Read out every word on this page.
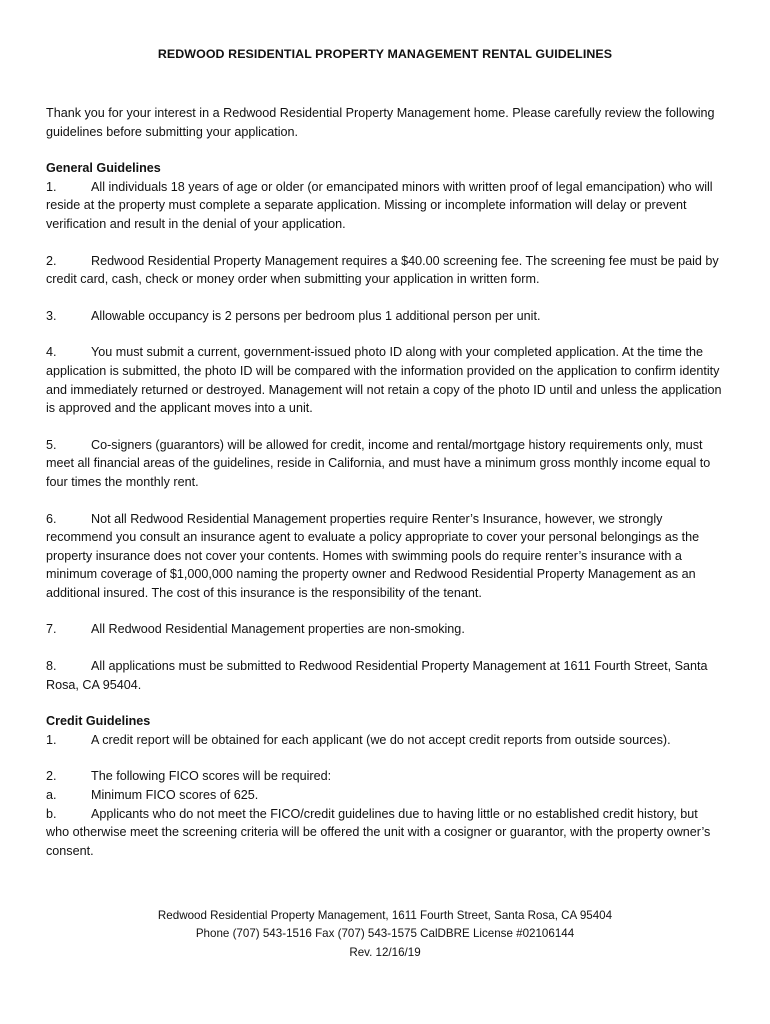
REDWOOD RESIDENTIAL PROPERTY MANAGEMENT RENTAL GUIDELINES

Thank you for your interest in a Redwood Residential Property Management home. Please carefully review the following guidelines before submitting your application.

General Guidelines

1.	All individuals 18 years of age or older (or emancipated minors with written proof of legal emancipation) who will reside at the property must complete a separate application. Missing or incomplete information will delay or prevent verification and result in the denial of your application.

2.	Redwood Residential Property Management requires a $40.00 screening fee. The screening fee must be paid by credit card, cash, check or money order when submitting your application in written form.

3.	Allowable occupancy is 2 persons per bedroom plus 1 additional person per unit.

4.	You must submit a current, government-issued photo ID along with your completed application. At the time the application is submitted, the photo ID will be compared with the information provided on the application to confirm identity and immediately returned or destroyed. Management will not retain a copy of the photo ID until and unless the application is approved and the applicant moves into a unit.

5.	Co-signers (guarantors) will be allowed for credit, income and rental/mortgage history requirements only, must meet all financial areas of the guidelines, reside in California, and must have a minimum gross monthly income equal to four times the monthly rent.

6.	Not all Redwood Residential Management properties require Renter’s Insurance, however, we strongly recommend you consult an insurance agent to evaluate a policy appropriate to cover your personal belongings as the property insurance does not cover your contents. Homes with swimming pools do require renter’s insurance with a minimum coverage of $1,000,000 naming the property owner and Redwood Residential Property Management as an additional insured. The cost of this insurance is the responsibility of the tenant.

7.	All Redwood Residential Management properties are non-smoking.

8.	All applications must be submitted to Redwood Residential Property Management at 1611 Fourth Street, Santa Rosa, CA 95404.

Credit Guidelines

1.	A credit report will be obtained for each applicant (we do not accept credit reports from outside sources).

2.	The following FICO scores will be required:

a.	Minimum FICO scores of 625.

b.	Applicants who do not meet the FICO/credit guidelines due to having little or no established credit history, but who otherwise meet the screening criteria will be offered the unit with a cosigner or guarantor, with the property owner’s consent.

Redwood Residential Property Management, 1611 Fourth Street, Santa Rosa, CA 95404
Phone (707) 543-1516 Fax (707) 543-1575 CalDBRE License #02106144
Rev. 12/16/19
